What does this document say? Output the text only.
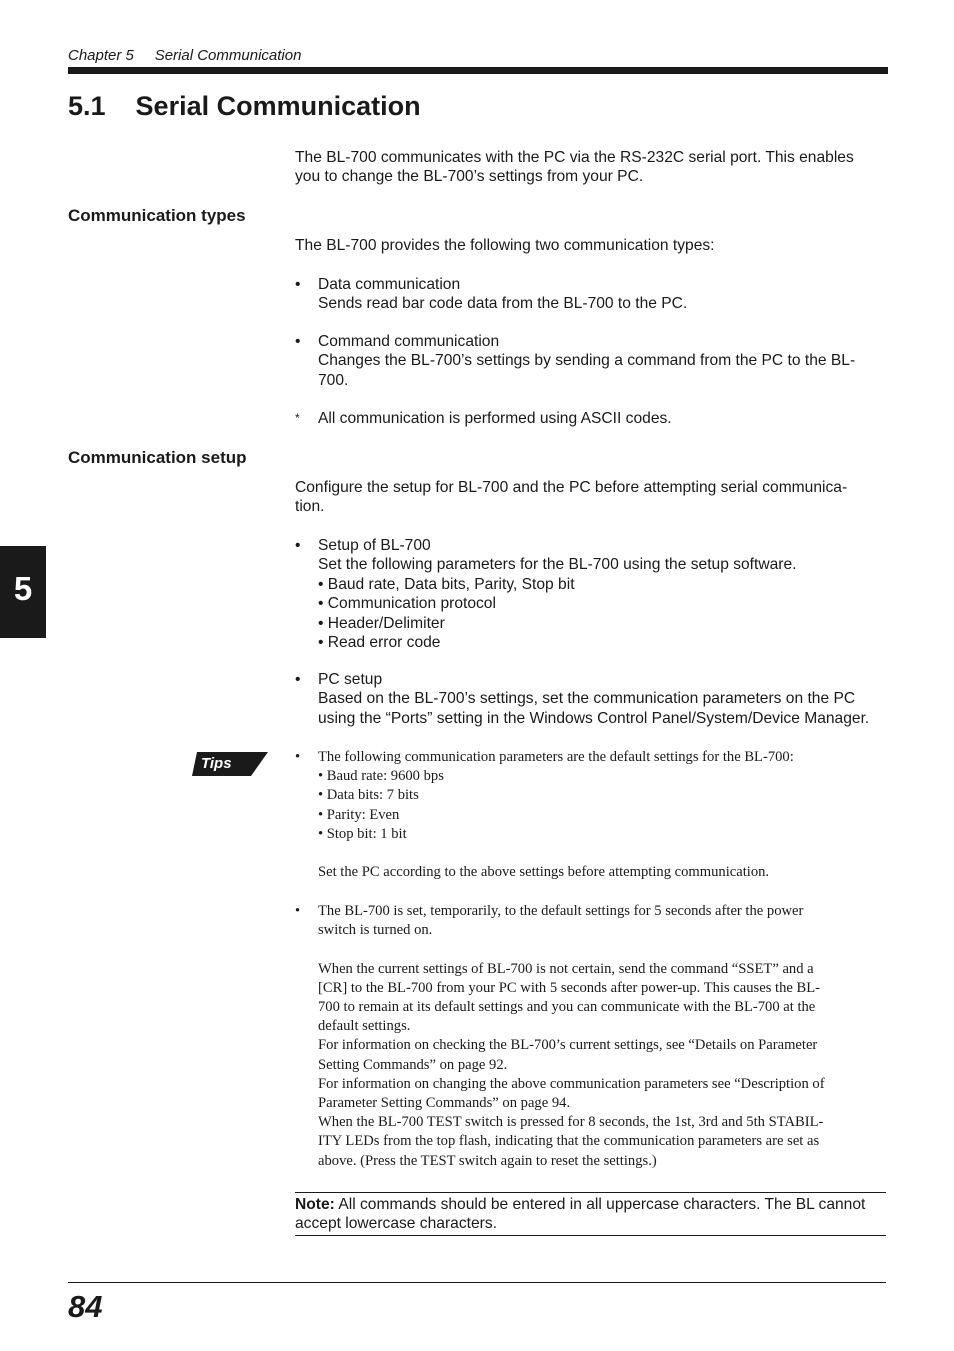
Chapter 5     Serial Communication
5.1    Serial Communication
The BL-700 communicates with the PC via the RS-232C serial port. This enables
you to change the BL-700’s settings from your PC.
Communication types
The BL-700 provides the following two communication types:
•	Data communication
Sends read bar code data from the BL-700 to the PC.
•	Command communication
Changes the BL-700’s settings by sending a command from the PC to the BL-
700.
*	All communication is performed using ASCII codes.
Communication setup
Configure the setup for BL-700 and the PC before attempting serial communica-
tion.
•	Setup of BL-700
Set the following parameters for the BL-700 using the setup software.
• Baud rate, Data bits, Parity, Stop bit
• Communication protocol
• Header/Delimiter
• Read error code
•	PC setup
Based on the BL-700’s settings, set the communication parameters on the PC
using the “Ports” setting in the Windows Control Panel/System/Device Manager.
Tips	•	The following communication parameters are the default settings for the BL-700:
• Baud rate: 9600 bps
• Data bits: 7 bits
• Parity: Even
• Stop bit: 1 bit
Set the PC according to the above settings before attempting communication.
•	The BL-700 is set, temporarily, to the default settings for 5 seconds after the power
switch is turned on.
When the current settings of BL-700 is not certain, send the command “SSET” and a
[CR] to the BL-700 from your PC with 5 seconds after power-up. This causes the BL-
700 to remain at its default settings and you can communicate with the BL-700 at the
default settings.
For information on checking the BL-700’s current settings, see “Details on Parameter
Setting Commands” on page 92.
For information on changing the above communication parameters see “Description of
Parameter Setting Commands” on page 94.
When the BL-700 TEST switch is pressed for 8 seconds, the 1st, 3rd and 5th STABIL-
ITY LEDs from the top flash, indicating that the communication parameters are set as
above. (Press the TEST switch again to reset the settings.)
Note: All commands should be entered in all uppercase characters. The BL cannot
accept lowercase characters.
5
84
